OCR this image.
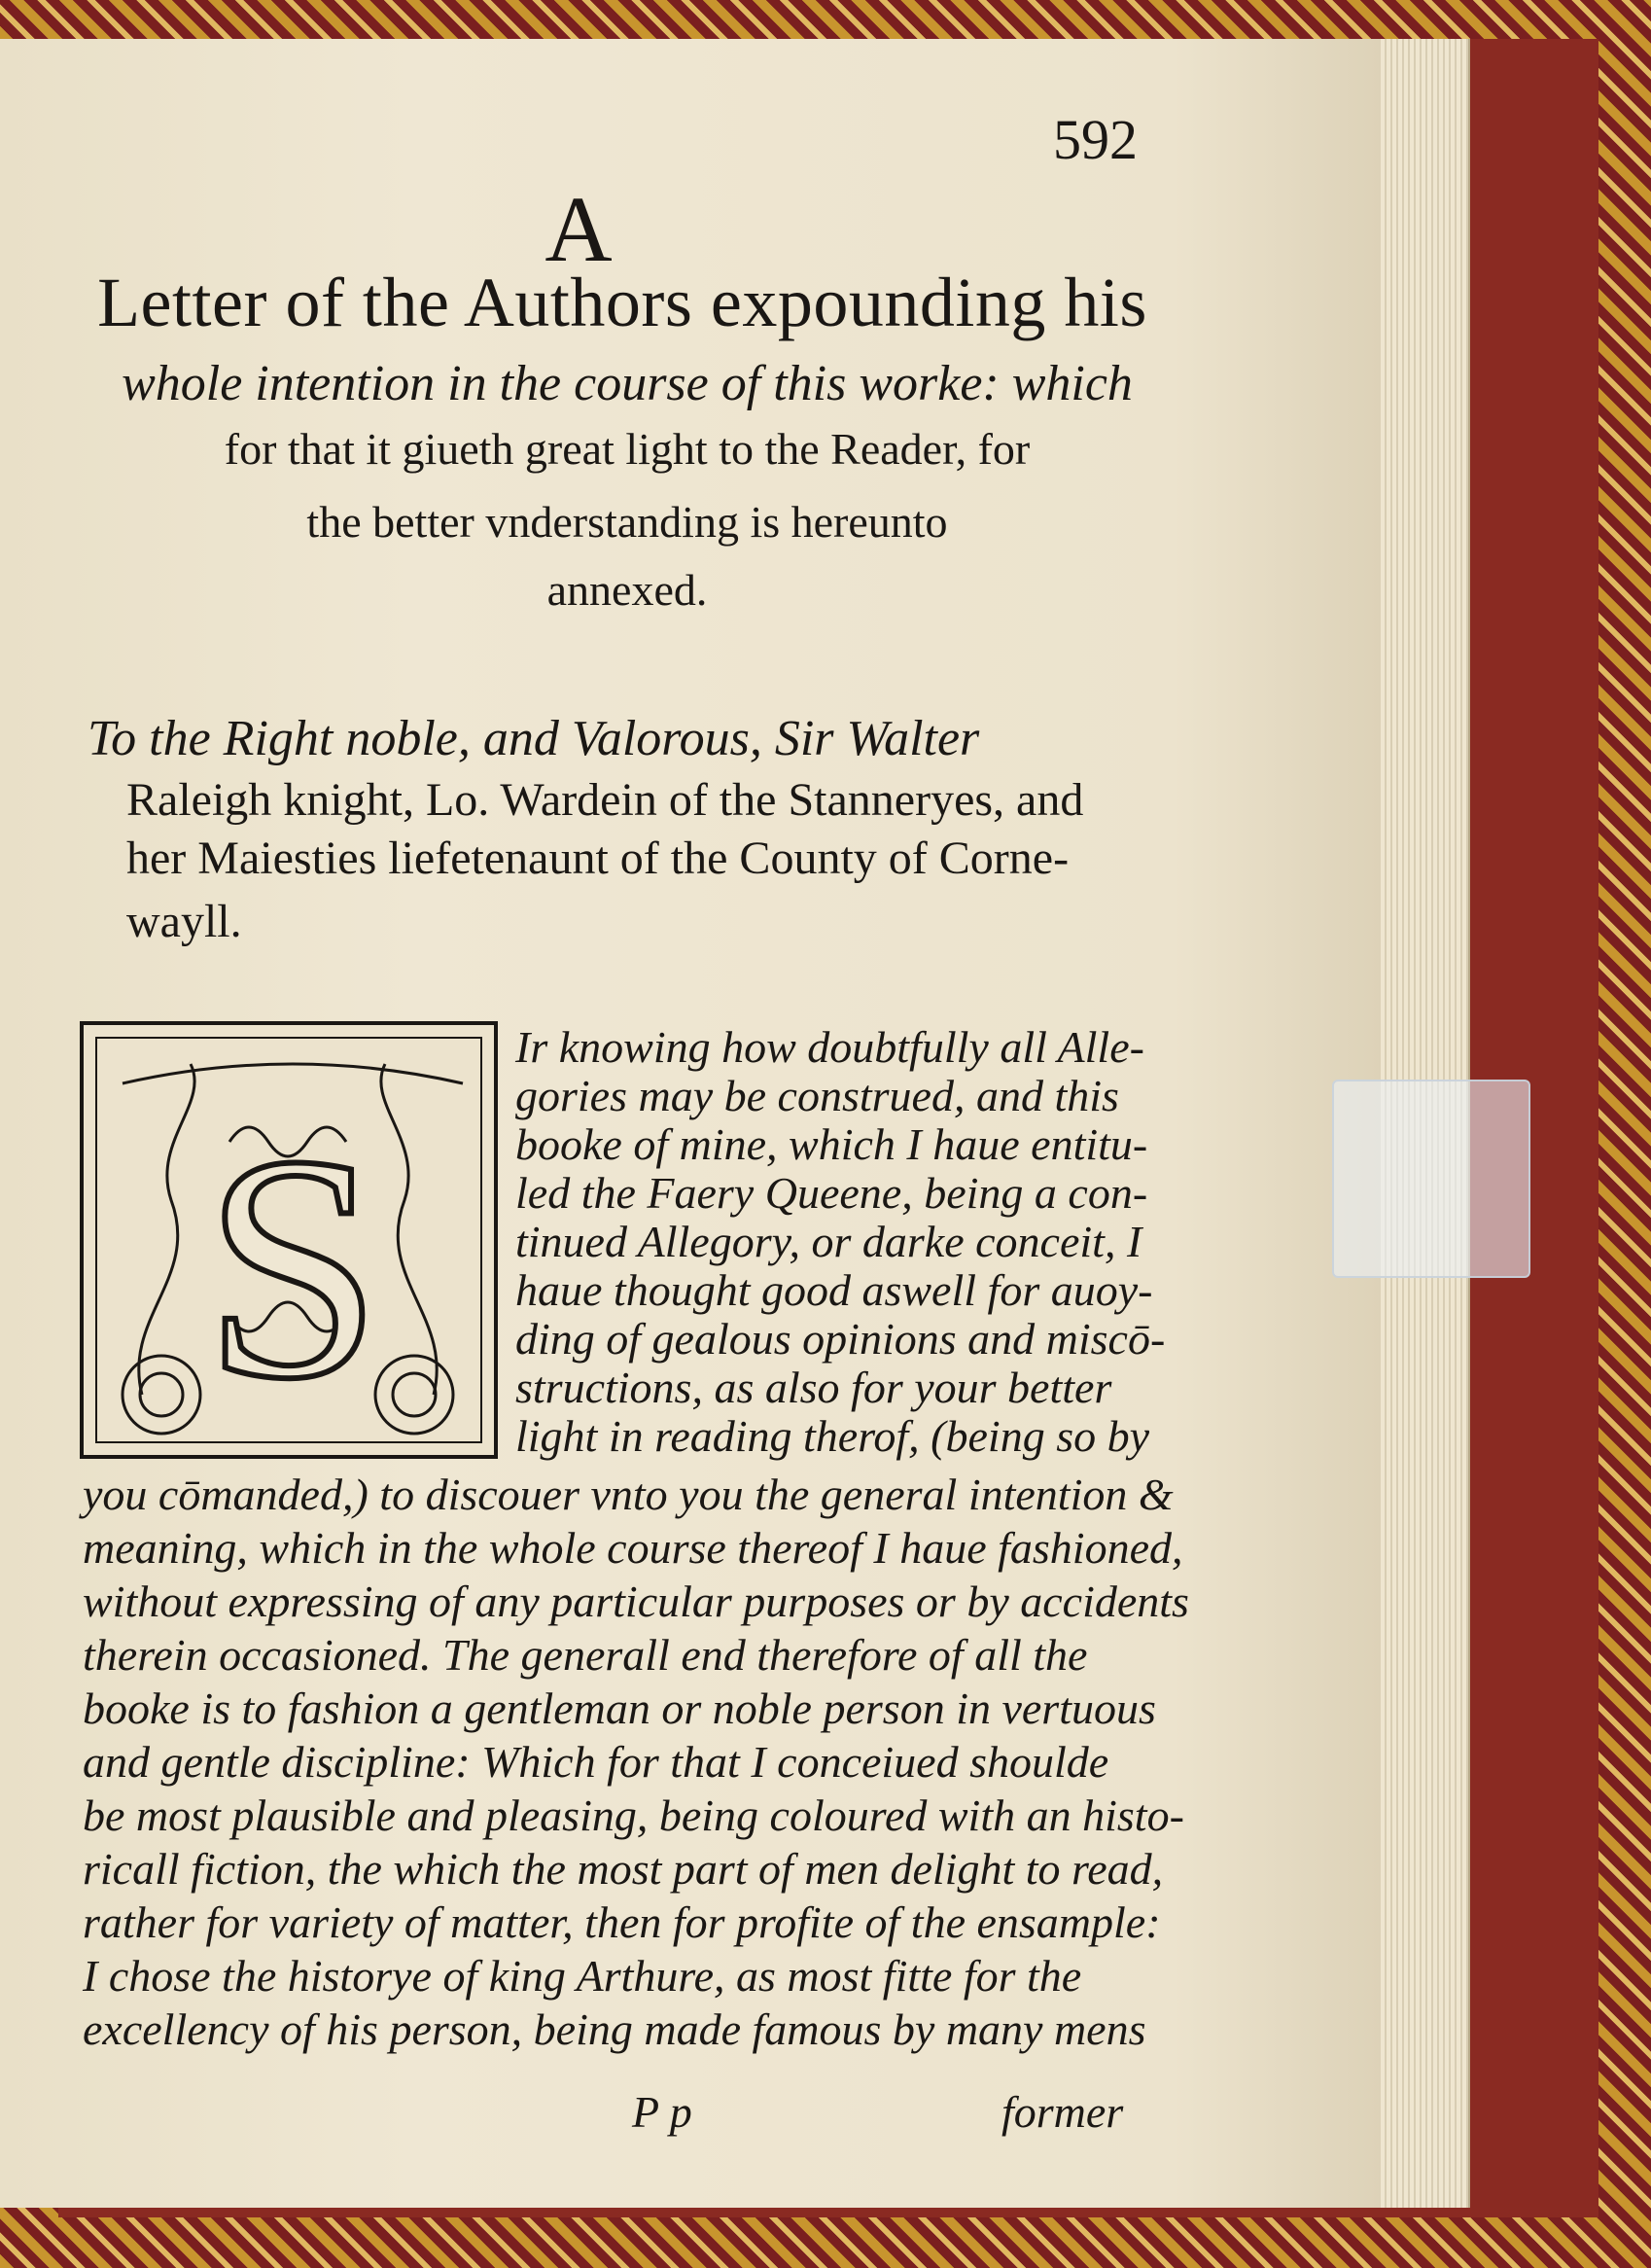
592
A
Letter of the Authors expounding his
whole intention in the course of this worke: which
for that it giueth great light to the Reader, for
the better vnderstanding is hereunto
annexed.
To the Right noble, and Valorous, Sir Walter
Raleigh knight, Lo. Wardein of the Stanneryes, and
her Maiesties liefetenaunt of the County of Corne-
wayll.
S
Ir knowing how doubtfully all Alle-
gories may be construed, and this
booke of mine, which I haue entitu-
led the Faery Queene, being a con-
tinued Allegory, or darke conceit, I
haue thought good aswell for auoy-
ding of gealous opinions and miscō-
structions, as also for your better
light in reading therof, (being so by
you cōmanded,) to discouer vnto you the general intention &
meaning, which in the whole course thereof I haue fashioned,
without expressing of any particular purposes or by accidents
therein occasioned. The generall end therefore of all the
booke is to fashion a gentleman or noble person in vertuous
and gentle discipline: Which for that I conceiued shoulde
be most plausible and pleasing, being coloured with an histo-
ricall fiction, the which the most part of men delight to read,
rather for variety of matter, then for profite of the ensample:
I chose the historye of king Arthure, as most fitte for the
excellency of his person, being made famous by many mens
P p	former
